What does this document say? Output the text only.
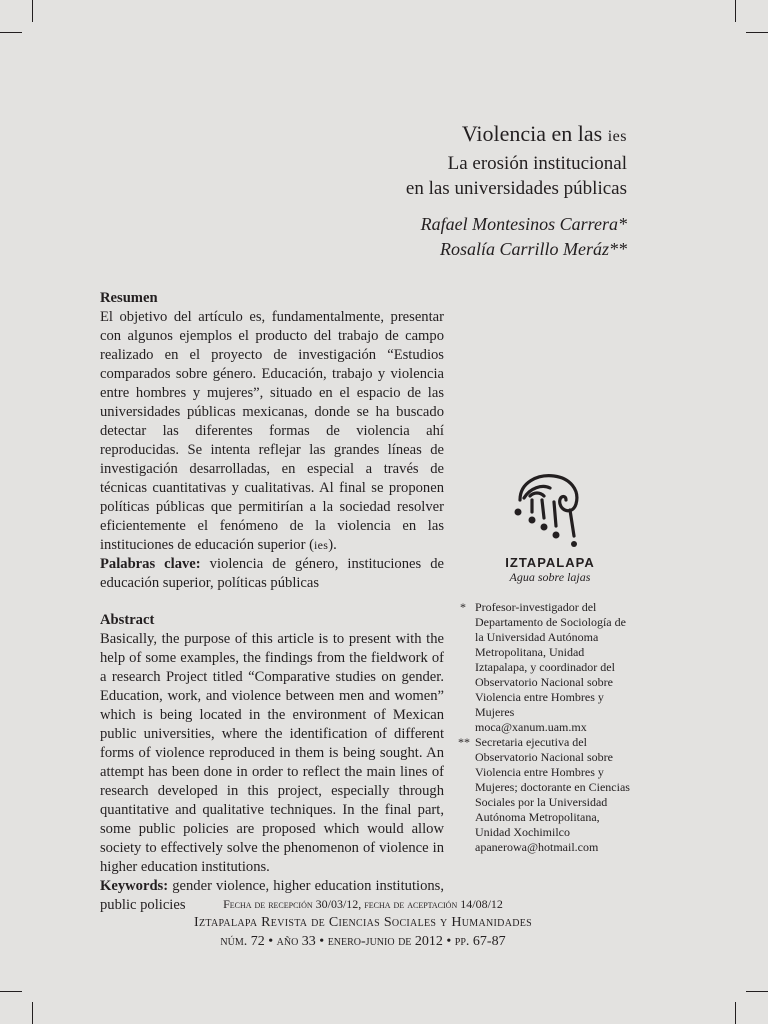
Violencia en las ies
La erosión institucional
en las universidades públicas
Rafael Montesinos Carrera*
Rosalía Carrillo Meráz**
Resumen

El objetivo del artículo es, fundamentalmente, presentar con algunos ejemplos el producto del trabajo de campo realizado en el proyecto de investigación “Estudios comparados sobre género. Educación, trabajo y violencia entre hombres y mujeres”, situado en el espacio de las universidades públicas mexicanas, donde se ha buscado detectar las diferentes formas de violencia ahí reproducidas. Se intenta reflejar las grandes líneas de investigación desarrolladas, en especial a través de técnicas cuantitativas y cualitativas. Al final se proponen políticas públicas que permitirían a la sociedad resolver eficientemente el fenómeno de la violencia en las instituciones de educación superior (ies).

Palabras clave: violencia de género, instituciones de educación superior, políticas públicas

Abstract

Basically, the purpose of this article is to present with the help of some examples, the findings from the fieldwork of a research Project titled “Comparative studies on gender. Education, work, and violence between men and women” which is being located in the environment of Mexican public universities, where the identification of different forms of violence reproduced in them is being sought. An attempt has been done in order to reflect the main lines of research developed in this project, especially through quantitative and qualitative techniques. In the final part, some public policies are proposed which would allow society to effectively solve the phenomenon of violence in higher education institutions.

Keywords: gender violence, higher education institutions, public policies

IZTAPALAPA
Agua sobre lajas
* Profesor-investigador del Departamento de Sociología de la Universidad Autónoma Metropolitana, Unidad Iztapalapa, y coordinador del Observatorio Nacional sobre Violencia entre Hombres y Mujeres
moca@xanum.uam.mx
** Secretaria ejecutiva del Observatorio Nacional sobre Violencia entre Hombres y Mujeres; doctorante en Ciencias Sociales por la Universidad Autónoma Metropolitana, Unidad Xochimilco
apanerowa@hotmail.com
Fecha de recepción 30/03/12, fecha de aceptación 14/08/12
Iztapalapa Revista de Ciencias Sociales y Humanidades
núm. 72 • año 33 • enero-junio de 2012 • pp. 67-87
